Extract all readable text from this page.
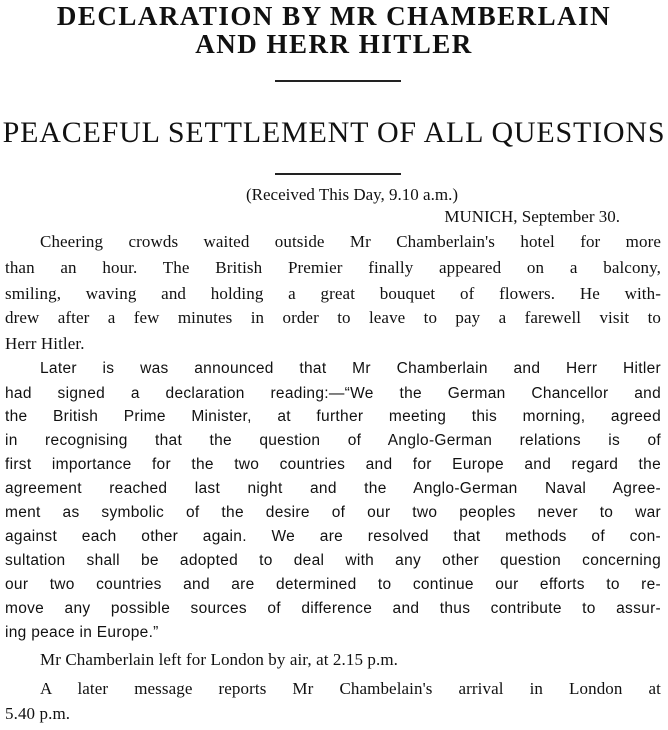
DECLARATION BY MR CHAMBERLAIN
AND HERR HITLER
PEACEFUL SETTLEMENT OF ALL QUESTIONS
(Received This Day, 9.10 a.m.)
MUNICH, September 30.
Cheering crowds waited outside Mr Chamberlain's hotel for more
than an hour. The British Premier finally appeared on a balcony,
smiling, waving and holding a great bouquet of flowers. He with-
drew after a few minutes in order to leave to pay a farewell visit to
Herr Hitler.
Later is was announced that Mr Chamberlain and Herr Hitler
had signed a declaration reading:—“We the German Chancellor and
the British Prime Minister, at further meeting this morning, agreed
in recognising that the question of Anglo-German relations is of
first importance for the two countries and for Europe and regard the
agreement reached last night and the Anglo-German Naval Agree-
ment as symbolic of the desire of our two peoples never to war
against each other again. We are resolved that methods of con-
sultation shall be adopted to deal with any other question concerning
our two countries and are determined to continue our efforts to re-
move any possible sources of difference and thus contribute to assur-
ing peace in Europe.”
Mr Chamberlain left for London by air, at 2.15 p.m.
A later message reports Mr Chambelain's arrival in London at
5.40 p.m.
